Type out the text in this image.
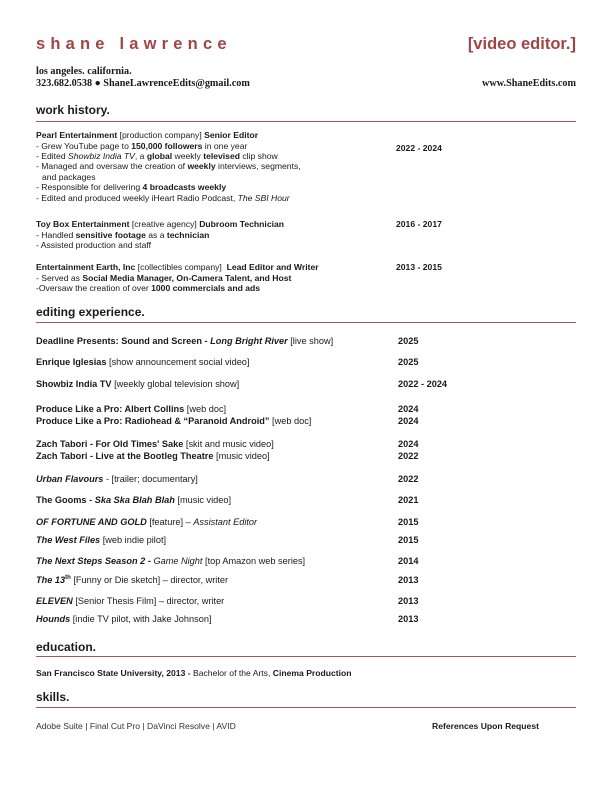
shane lawrence	[video editor.]
los angeles. california.
323.682.0538 ● ShaneLawrenceEdits@gmail.com	www.ShaneEdits.com
work history.
Pearl Entertainment [production company] Senior Editor
- Grew YouTube page to 150,000 followers in one year	2022 - 2024
- Edited Showbiz India TV, a global weekly televised clip show
- Managed and oversaw the creation of weekly interviews, segments,
and packages
- Responsible for delivering 4 broadcasts weekly
- Edited and produced weekly iHeart Radio Podcast, The SBI Hour
Toy Box Entertainment [creative agency] Dubroom Technician	2016 - 2017
- Handled sensitive footage as a technician
- Assisted production and staff
Entertainment Earth, Inc [collectibles company] Lead Editor and Writer	2013 - 2015
- Served as Social Media Manager, On-Camera Talent, and Host
-Oversaw the creation of over 1000 commercials and ads
editing experience.
Deadline Presents: Sound and Screen - Long Bright River [live show]	2025
Enrique Iglesias [show announcement social video]	2025
Showbiz India TV [weekly global television show]	2022 - 2024
Produce Like a Pro: Albert Collins [web doc]	2024
Produce Like a Pro: Radiohead & “Paranoid Android” [web doc]	2024
Zach Tabori - For Old Times' Sake [skit and music video]	2024
Zach Tabori - Live at the Bootleg Theatre [music video]	2022
Urban Flavours - [trailer; documentary]	2022
The Gooms - Ska Ska Blah Blah [music video]	2021
OF FORTUNE AND GOLD [feature] – Assistant Editor	2015
The West Files [web indie pilot]	2015
The Next Steps Season 2 - Game Night [top Amazon web series]	2014
The 13th [Funny or Die sketch] – director, writer	2013
ELEVEN [Senior Thesis Film] – director, writer	2013
Hounds [indie TV pilot, with Jake Johnson]	2013
education.
San Francisco State University, 2013 - Bachelor of the Arts, Cinema Production
skills.
Adobe Suite | Final Cut Pro | DaVinci Resolve | AVID	References Upon Request
